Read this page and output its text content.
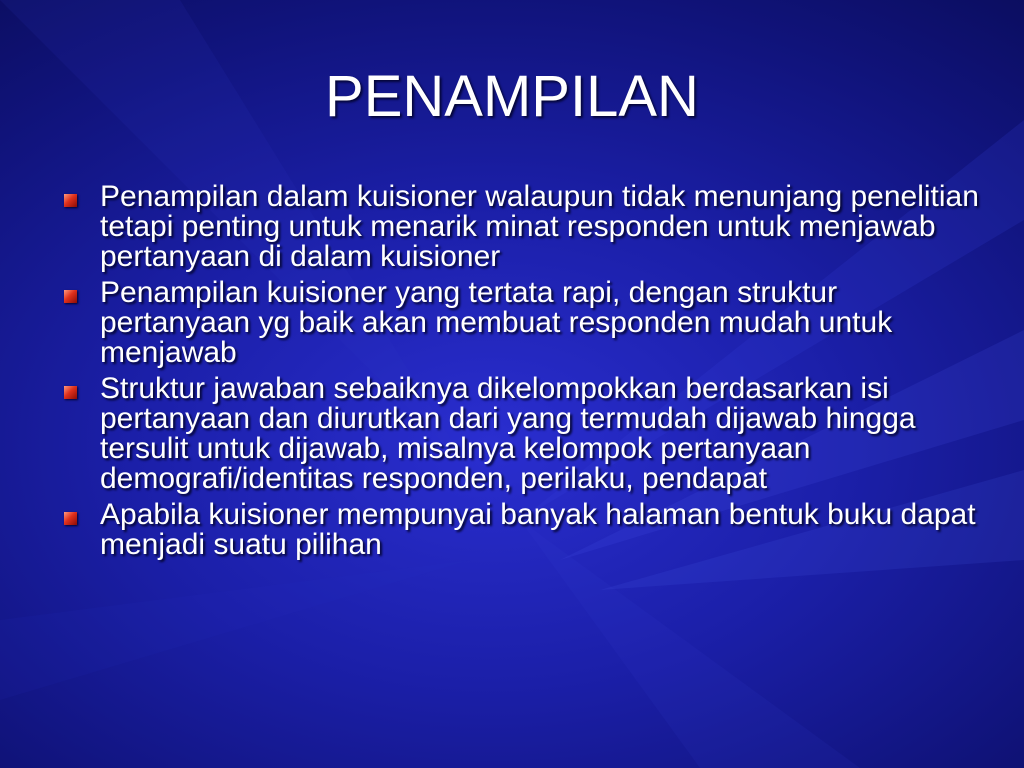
PENAMPILAN
Penampilan dalam kuisioner walaupun tidak menunjang penelitian tetapi penting untuk menarik minat responden untuk menjawab pertanyaan di dalam kuisioner
Penampilan kuisioner yang tertata rapi, dengan struktur pertanyaan yg baik akan membuat responden mudah untuk menjawab
Struktur jawaban sebaiknya dikelompokkan berdasarkan isi pertanyaan dan diurutkan dari yang termudah dijawab hingga tersulit untuk dijawab, misalnya kelompok pertanyaan demografi/identitas responden, perilaku, pendapat
Apabila kuisioner mempunyai banyak halaman bentuk buku dapat menjadi suatu pilihan
